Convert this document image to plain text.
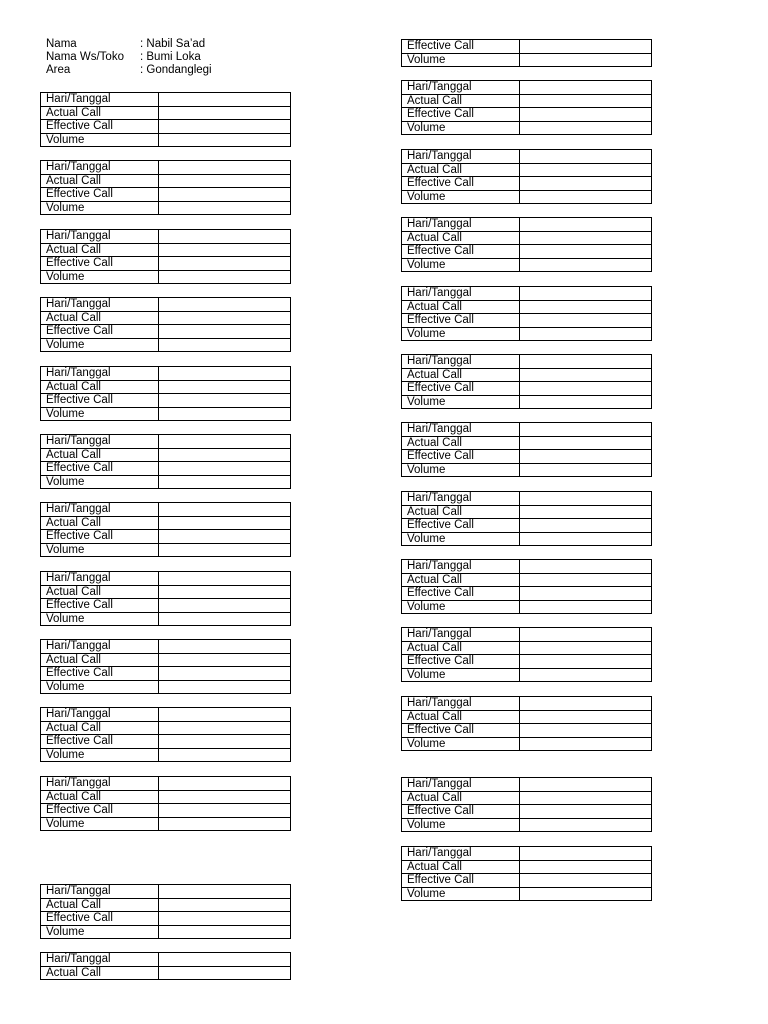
Nama	: Nabil Sa’ad
Nama Ws/Toko	: Bumi Loka
Area	: Gondanglegi
Hari/Tanggal	
Actual Call	
Effective Call	
Volume	
Hari/Tanggal	
Actual Call	
Effective Call	
Volume	
Hari/Tanggal	
Actual Call	
Effective Call	
Volume	
Hari/Tanggal	
Actual Call	
Effective Call	
Volume	
Hari/Tanggal	
Actual Call	
Effective Call	
Volume	
Hari/Tanggal	
Actual Call	
Effective Call	
Volume	
Hari/Tanggal	
Actual Call	
Effective Call	
Volume	
Hari/Tanggal	
Actual Call	
Effective Call	
Volume	
Hari/Tanggal	
Actual Call	
Effective Call	
Volume	
Hari/Tanggal	
Actual Call	
Effective Call	
Volume	
Hari/Tanggal	
Actual Call	
Effective Call	
Volume	
Hari/Tanggal	
Actual Call	
Effective Call	
Volume	
Hari/Tanggal	
Actual Call	
Effective Call	
Volume	
Hari/Tanggal	
Actual Call	
Effective Call	
Volume	
Hari/Tanggal	
Actual Call	
Effective Call	
Volume	
Hari/Tanggal	
Actual Call	
Effective Call	
Volume	
Hari/Tanggal	
Actual Call	
Effective Call	
Volume	
Hari/Tanggal	
Actual Call	
Effective Call	
Volume	
Hari/Tanggal	
Actual Call	
Effective Call	
Volume	
Hari/Tanggal	
Actual Call	
Effective Call	
Volume	
Hari/Tanggal	
Actual Call	
Effective Call	
Volume	
Hari/Tanggal	
Actual Call	
Effective Call	
Volume	
Hari/Tanggal	
Actual Call	
Effective Call	
Volume	
Hari/Tanggal	
Actual Call	
Effective Call	
Volume	
Hari/Tanggal	
Actual Call	
Effective Call	
Volume	
